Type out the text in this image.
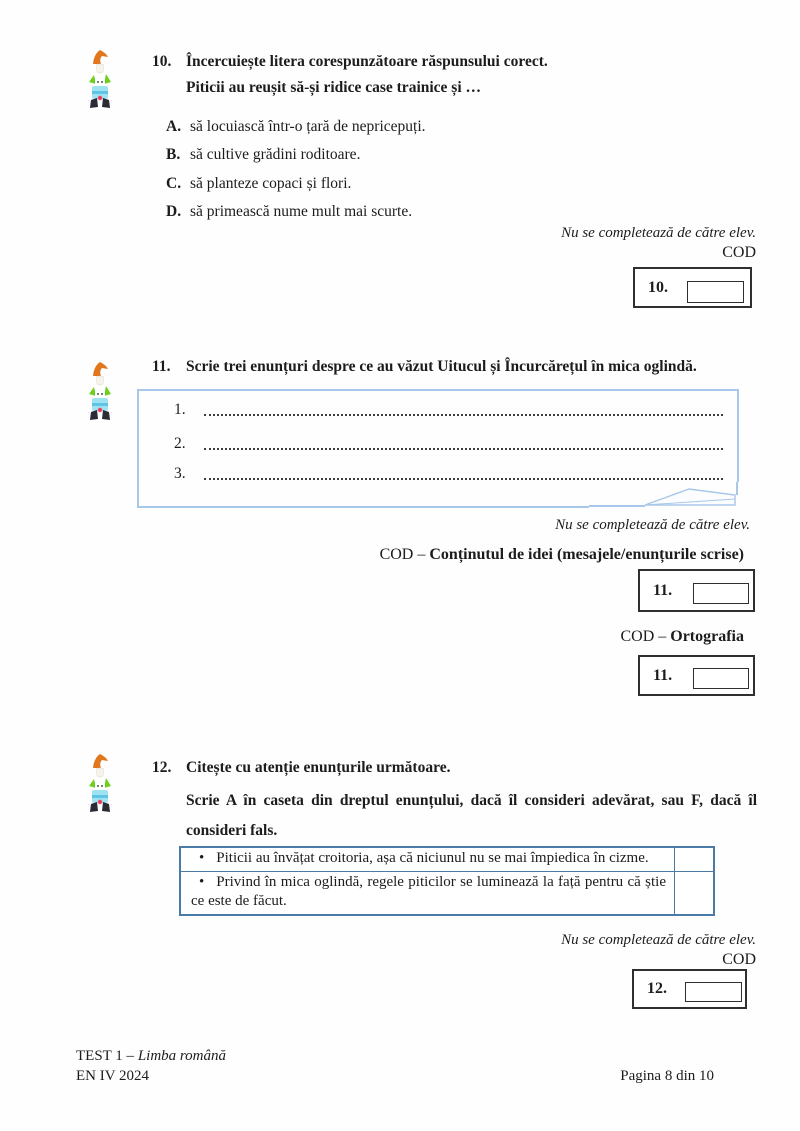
10. Încercuiește litera corespunzătoare răspunsului corect.
Piticii au reușit să-și ridice case trainice și …
A. să locuiască într-o țară de nepricepuți.
B. să cultive grădini roditoare.
C. să planteze copaci și flori.
D. să primească nume mult mai scurte.
Nu se completează de către elev.
COD
10.
11. Scrie trei enunțuri despre ce au văzut Uitucul și Încurcărețul în mica oglindă.
1.
2.
3.
Nu se completează de către elev.
COD – Conținutul de idei (mesajele/enunțurile scrise)
11.
COD – Ortografia
11.
12. Citește cu atenție enunțurile următoare.
Scrie A în caseta din dreptul enunțului, dacă îl consideri adevărat, sau F, dacă îl consideri fals.
• Piticii au învățat croitoria, așa că niciunul nu se mai împiedica în cizme.
• Privind în mica oglindă, regele piticilor se luminează la față pentru că știe ce este de făcut.
Nu se completează de către elev.
COD
12.
TEST 1 – Limba română
EN IV 2024	Pagina 8 din 10
